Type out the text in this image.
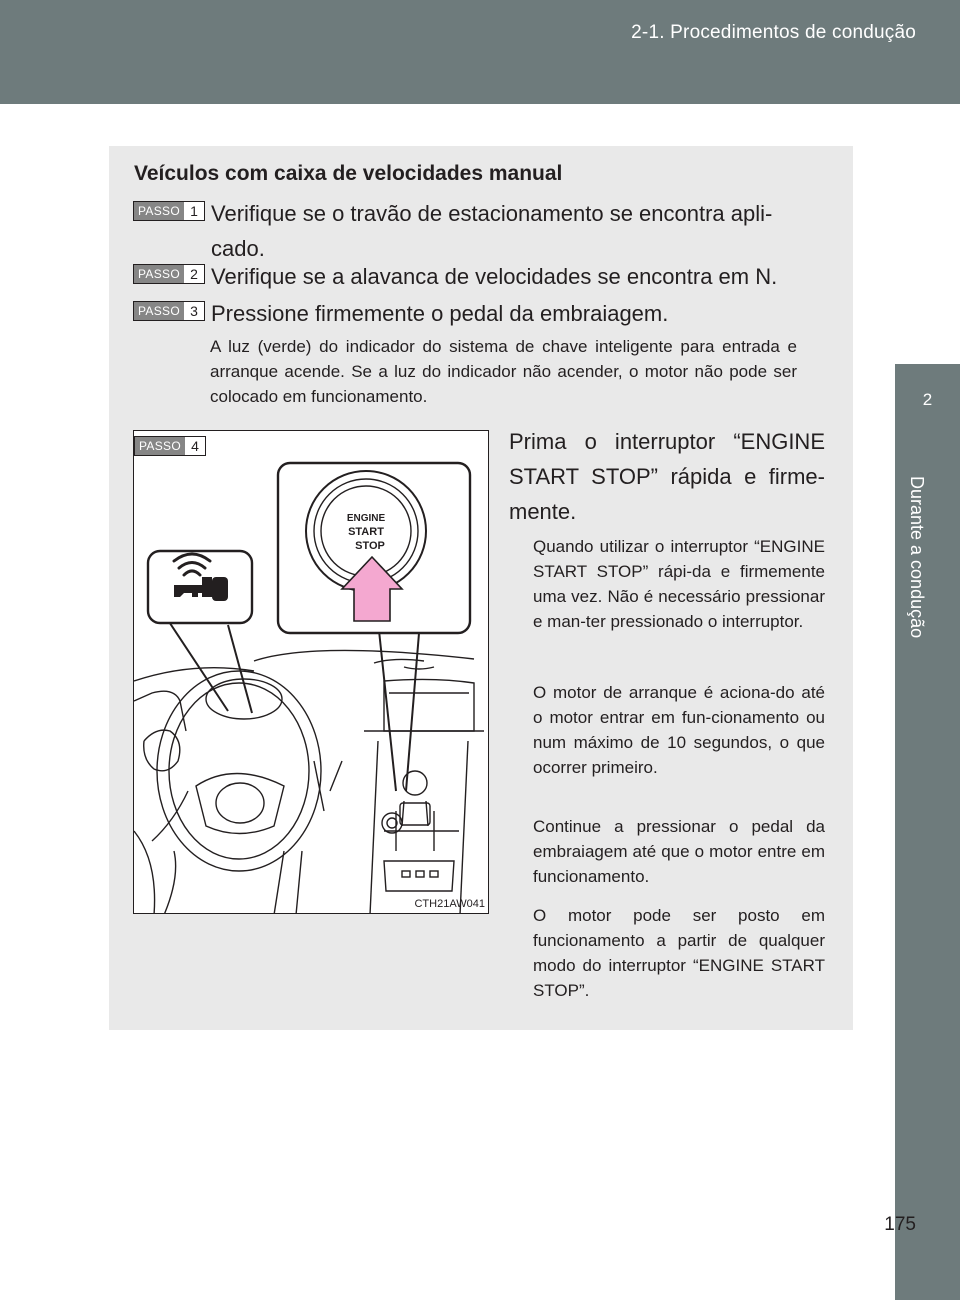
2-1. Procedimentos de condução
2
Durante a condução
Veículos com caixa de velocidades manual
PASSO 1 Verifique se o travão de estacionamento se encontra apli-cado.
PASSO 2 Verifique se a alavanca de velocidades se encontra em N.
PASSO 3 Pressione firmemente o pedal da embraiagem.
A luz (verde) do indicador do sistema de chave inteligente para entrada e arranque acende. Se a luz do indicador não acender, o motor não pode ser colocado em funcionamento.
ENGINE
START
STOP
PASSO 4
CTH21AW041
Prima o interruptor “ENGINE START STOP” rápida e firme-mente.
Quando utilizar o interruptor “ENGINE START STOP” rápi-da e firmemente uma vez. Não é necessário pressionar e man-ter pressionado o interruptor.
O motor de arranque é aciona-do até o motor entrar em fun-cionamento ou num máximo de 10 segundos, o que ocorrer primeiro.
Continue a pressionar o pedal da embraiagem até que o motor entre em funcionamento.
O motor pode ser posto em funcionamento a partir de qualquer modo do interruptor “ENGINE START STOP”.
175
